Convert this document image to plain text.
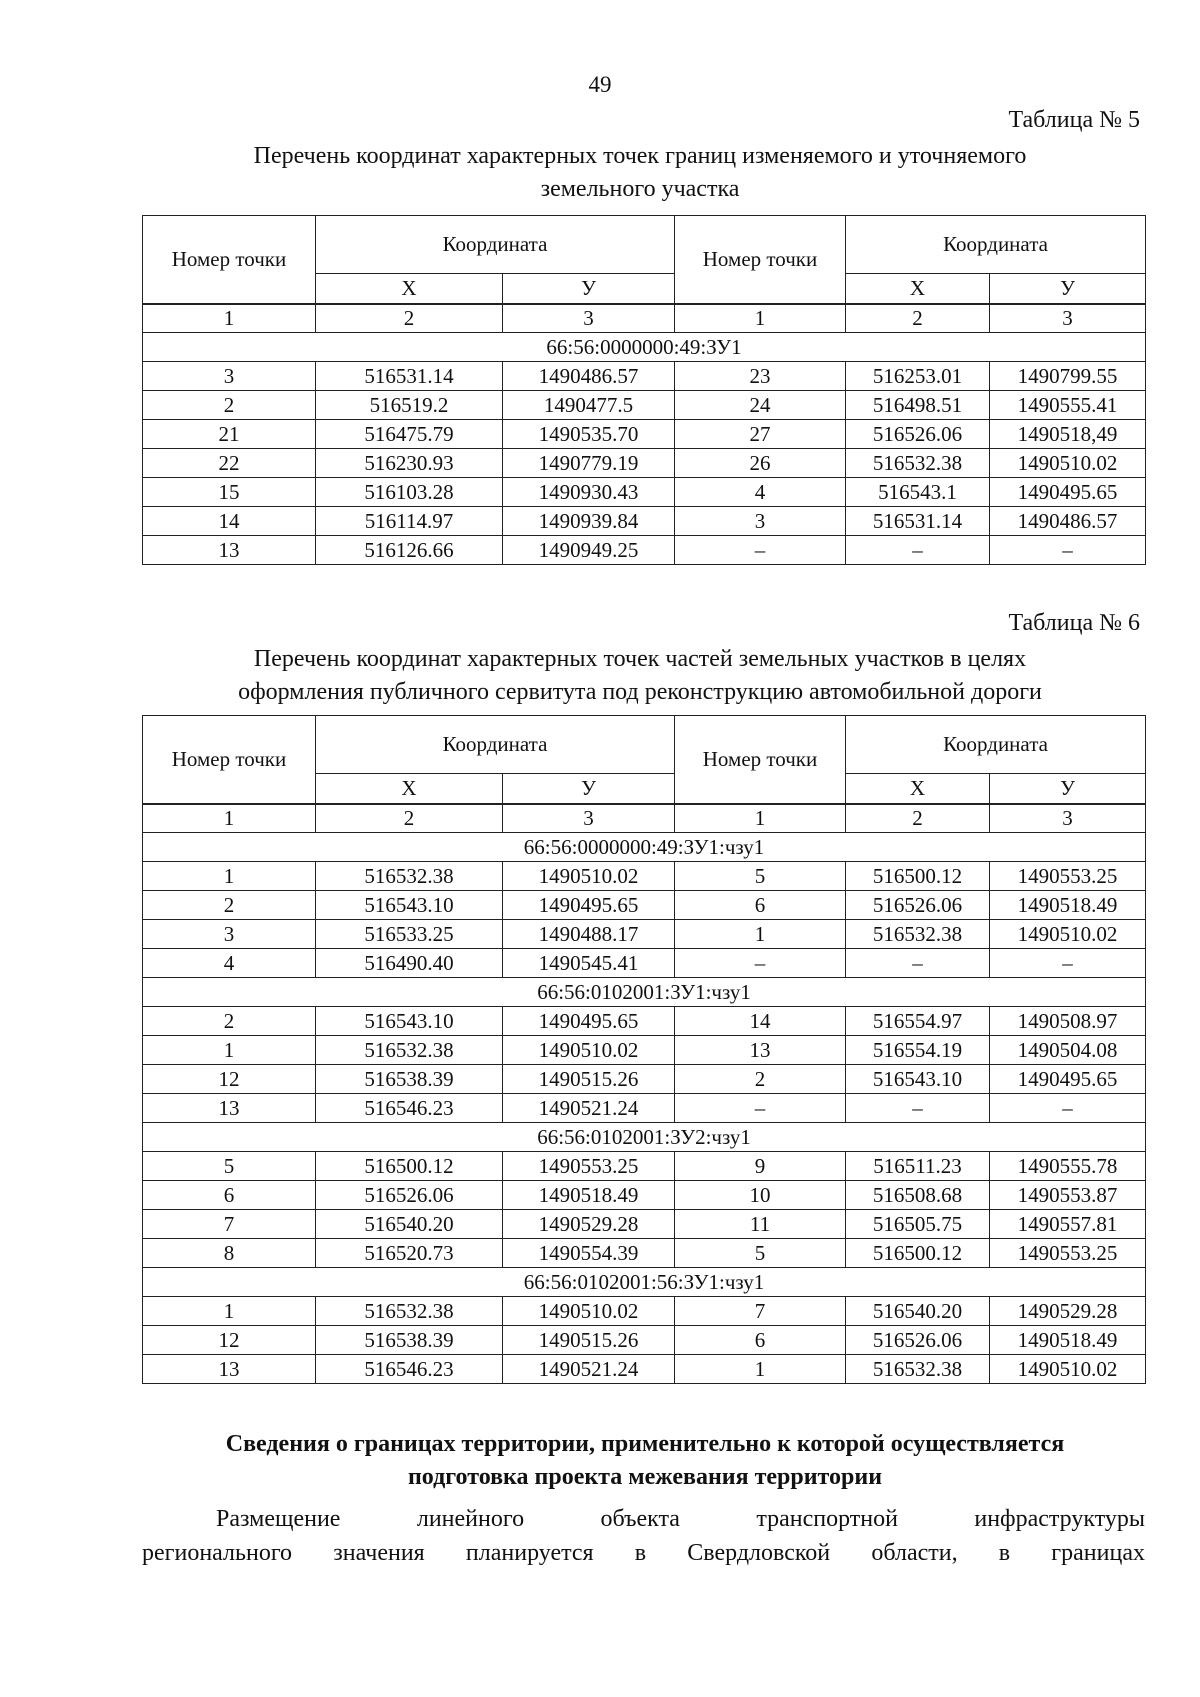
49
Таблица № 5
Перечень координат характерных точек границ изменяемого и уточняемого
земельного участка
Номер точки	Координата		Номер точки	Координата	
	Х	У		Х	У
1	2	3	1	2	3
66:56:0000000:49:ЗУ1					
3	516531.14	1490486.57	23	516253.01	1490799.55
2	516519.2	1490477.5	24	516498.51	1490555.41
21	516475.79	1490535.70	27	516526.06	1490518,49
22	516230.93	1490779.19	26	516532.38	1490510.02
15	516103.28	1490930.43	4	516543.1	1490495.65
14	516114.97	1490939.84	3	516531.14	1490486.57
13	516126.66	1490949.25	–	–	–
Таблица № 6
Перечень координат характерных точек частей земельных участков в целях
оформления публичного сервитута под реконструкцию автомобильной дороги
Номер точки	Координата		Номер точки	Координата	
	Х	У		Х	У
1	2	3	1	2	3
66:56:0000000:49:ЗУ1:чзу1					
1	516532.38	1490510.02	5	516500.12	1490553.25
2	516543.10	1490495.65	6	516526.06	1490518.49
3	516533.25	1490488.17	1	516532.38	1490510.02
4	516490.40	1490545.41	–	–	–
66:56:0102001:ЗУ1:чзу1					
2	516543.10	1490495.65	14	516554.97	1490508.97
1	516532.38	1490510.02	13	516554.19	1490504.08
12	516538.39	1490515.26	2	516543.10	1490495.65
13	516546.23	1490521.24	–	–	–
66:56:0102001:ЗУ2:чзу1					
5	516500.12	1490553.25	9	516511.23	1490555.78
6	516526.06	1490518.49	10	516508.68	1490553.87
7	516540.20	1490529.28	11	516505.75	1490557.81
8	516520.73	1490554.39	5	516500.12	1490553.25
66:56:0102001:56:ЗУ1:чзу1					
1	516532.38	1490510.02	7	516540.20	1490529.28
12	516538.39	1490515.26	6	516526.06	1490518.49
13	516546.23	1490521.24	1	516532.38	1490510.02
Сведения о границах территории, применительно к которой осуществляется
подготовка проекта межевания территории
Размещение линейного объекта транспортной инфраструктуры
регионального значения планируется в Свердловской области, в границах
